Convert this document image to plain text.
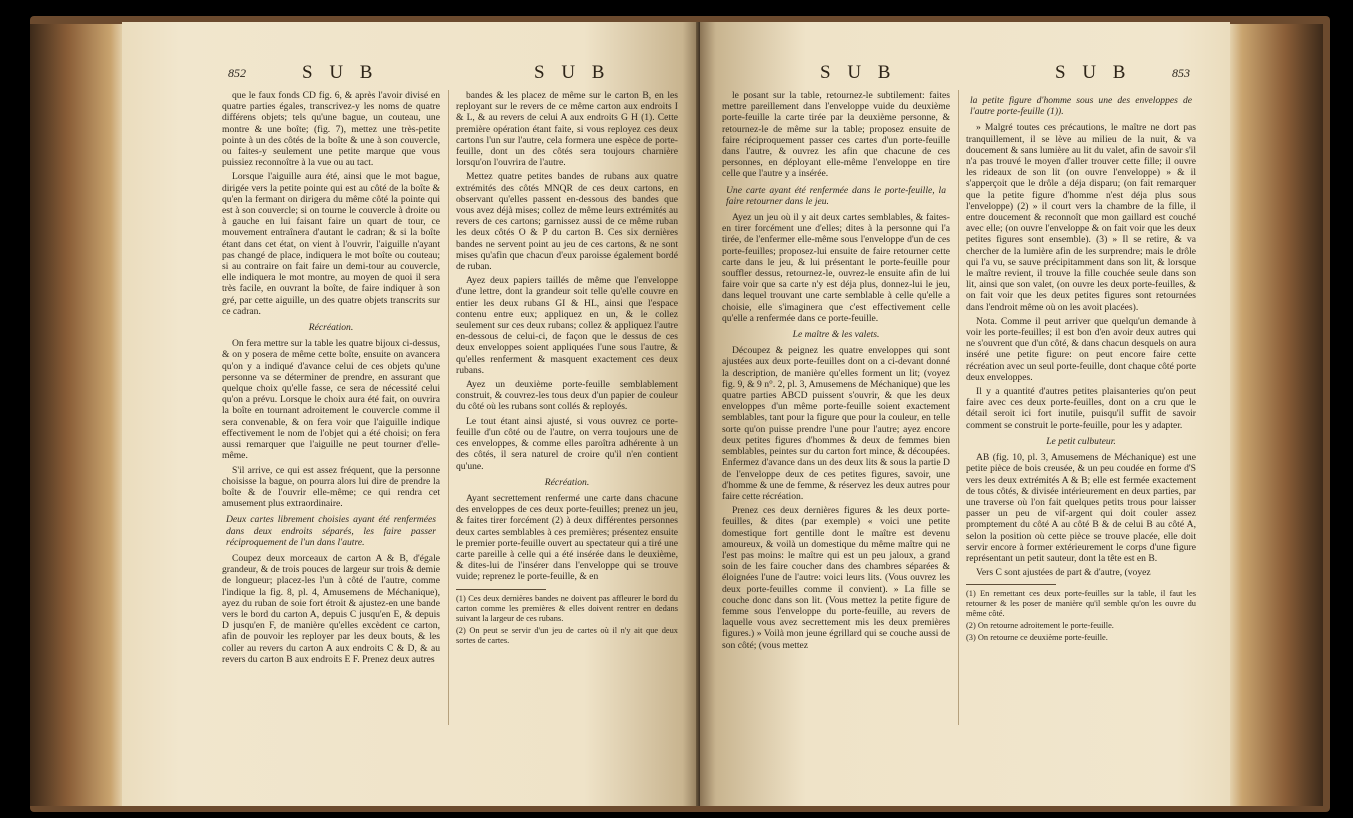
852	S U B	S U B

que le faux fonds CD fig. 6, & après l'avoir divisé en quatre parties égales, transcrivez-y les noms de quatre différens objets; tels qu'une bague, un couteau, une montre & une boîte; (fig. 7), mettez une très-petite pointe à un des côtés de la boîte & une à son couvercle, ou faites-y seulement une petite marque que vous puissiez reconnoître à la vue ou au tact.

Lorsque l'aiguille aura été, ainsi que le mot bague, dirigée vers la petite pointe qui est au côté de la boîte & qu'en la fermant on dirigera du même côté la pointe qui est à son couvercle; si on tourne le couvercle à droite ou à gauche en lui faisant faire un quart de tour, ce mouvement entraînera d'autant le cadran; & si la boîte étant dans cet état, on vient à l'ouvrir, l'aiguille n'ayant pas changé de place, indiquera le mot boîte ou couteau; si au contraire on fait faire un demi-tour au couvercle, elle indiquera le mot montre, au moyen de quoi il sera très facile, en ouvrant la boîte, de faire indiquer à son gré, par cette aiguille, un des quatre objets transcrits sur ce cadran.

Récréation.

On fera mettre sur la table les quatre bijoux ci-dessus, & on y posera de même cette boîte, ensuite on avancera qu'on y a indiqué d'avance celui de ces objets qu'une personne va se déterminer de prendre, en assurant que quelque choix qu'elle fasse, ce sera de nécessité celui qu'on a prévu. Lorsque le choix aura été fait, on ouvrira la boîte en tournant adroitement le couvercle comme il sera convenable, & on fera voir que l'aiguille indique effectivement le nom de l'objet qui a été choisi; on fera aussi remarquer que l'aiguille ne peut tourner d'elle-même.

S'il arrive, ce qui est assez fréquent, que la personne choisisse la bague, on pourra alors lui dire de prendre la boîte & de l'ouvrir elle-même; ce qui rendra cet amusement plus extraordinaire.

Deux cartes librement choisies ayant été renfermées dans deux endroits séparés, les faire passer réciproquement de l'un dans l'autre.

Coupez deux morceaux de carton A & B, d'égale grandeur, & de trois pouces de largeur sur trois & demie de longueur; placez-les l'un à côté de l'autre, comme l'indique la fig. 8, pl. 4, Amusemens de Méchanique), ayez du ruban de soie fort étroit & ajustez-en une bande vers le bord du carton A, depuis C jusqu'en E, & depuis D jusqu'en F, de manière qu'elles excèdent ce carton, afin de pouvoir les reployer par les deux bouts, & les coller au revers du carton A aux endroits C & D, & au revers du carton B aux endroits E F. Prenez deux autres

bandes & les placez de même sur le carton B, en les reployant sur le revers de ce même carton aux endroits I & L, & au revers de celui A aux endroits G H (1). Cette première opération étant faite, si vous reployez ces deux cartons l'un sur l'autre, cela formera une espèce de porte-feuille, dont un des côtés sera toujours charnière lorsqu'on l'ouvrira de l'autre.

Mettez quatre petites bandes de rubans aux quatre extrémités des côtés MNQR de ces deux cartons, en observant qu'elles passent en-dessous des bandes que vous avez déjà mises; collez de même leurs extrémités au revers de ces cartons; garnissez aussi de ce même ruban les deux côtés O & P du carton B. Ces six dernières bandes ne servent point au jeu de ces cartons, & ne sont mises qu'afin que chacun d'eux paroisse également bordé de ruban.

Ayez deux papiers taillés de même que l'enveloppe d'une lettre, dont la grandeur soit telle qu'elle couvre en entier les deux rubans GI & HL, ainsi que l'espace contenu entre eux; appliquez en un, & le collez seulement sur ces deux rubans; collez & appliquez l'autre en-dessous de celui-ci, de façon que le dessus de ces deux enveloppes soient appliquées l'une sous l'autre, & qu'elles renferment & masquent exactement ces deux rubans.

Ayez un deuxième porte-feuille semblablement construit, & couvrez-les tous deux d'un papier de couleur du côté où les rubans sont collés & reployés.

Le tout étant ainsi ajusté, si vous ouvrez ce porte-feuille d'un côté ou de l'autre, on verra toujours une de ces enveloppes, & comme elles paroîtra adhérente à un des côtés, il sera naturel de croire qu'il n'en contient qu'une.

Récréation.

Ayant secrettement renfermé une carte dans chacune des enveloppes de ces deux porte-feuilles; prenez un jeu, & faites tirer forcément (2) à deux différentes personnes deux cartes semblables à ces premières; présentez ensuite le premier porte-feuille ouvert au spectateur qui a tiré une carte pareille à celle qui a été insérée dans le deuxième, & dites-lui de l'insérer dans l'enveloppe qui se trouve vuide; reprenez le porte-feuille, & en

(1) Ces deux dernières bandes ne doivent pas affleurer le bord du carton comme les premières & elles doivent rentrer en dedans suivant la largeur de ces rubans.

(2) On peut se servir d'un jeu de cartes où il n'y ait que deux sortes de cartes.

S U B	S U B	853

le posant sur la table, retournez-le subtilement: faites mettre pareillement dans l'enveloppe vuide du deuxième porte-feuille la carte tirée par la deuxième personne, & retournez-le de même sur la table; proposez ensuite de faire réciproquement passer ces cartes d'un porte-feuille dans l'autre, & ouvrez les afin que chacune de ces personnes, en déployant elle-même l'enveloppe en tire celle que l'autre y a insérée.

Une carte ayant été renfermée dans le porte-feuille, la faire retourner dans le jeu.

Ayez un jeu où il y ait deux cartes semblables, & faites-en tirer forcément une d'elles; dites à la personne qui l'a tirée, de l'enfermer elle-même sous l'enveloppe d'un de ces porte-feuilles; proposez-lui ensuite de faire retourner cette carte dans le jeu, & lui présentant le porte-feuille pour souffler dessus, retournez-le, ouvrez-le ensuite afin de lui faire voir que sa carte n'y est déja plus, donnez-lui le jeu, dans lequel trouvant une carte semblable à celle qu'elle a choisie, elle s'imaginera que c'est effectivement celle qu'elle a renfermée dans ce porte-feuille.

Le maître & les valets.

Découpez & peignez les quatre enveloppes qui sont ajustées aux deux porte-feuilles dont on a ci-devant donné la description, de manière qu'elles forment un lit; (voyez fig. 9, & 9 n°. 2, pl. 3, Amusemens de Méchanique) que les quatre parties ABCD puissent s'ouvrir, & que les deux enveloppes d'un même porte-feuille soient exactement semblables, tant pour la figure que pour la couleur, en telle sorte qu'on puisse prendre l'une pour l'autre; ayez encore deux petites figures d'hommes & deux de femmes bien semblables, peintes sur du carton fort mince, & découpées. Enfermez d'avance dans un des deux lits & sous la partie D de l'enveloppe deux de ces petites figures, savoir, une d'homme & une de femme, & réservez les deux autres pour faire cette récréation.

Prenez ces deux dernières figures & les deux porte-feuilles, & dites (par exemple) « voici une petite domestique fort gentille dont le maître est devenu amoureux, & voilà un domestique du même maître qui ne l'est pas moins: le maître qui est un peu jaloux, a grand soin de les faire coucher dans des chambres séparées & éloignées l'une de l'autre: voici leurs lits. (Vous ouvrez les deux porte-feuilles comme il convient). » La fille se couche donc dans son lit. (Vous mettez la petite figure de femme sous l'enveloppe du porte-feuille, au revers de laquelle vous avez secrettement mis les deux premières figures.) » Voilà mon jeune égrillard qui se couche aussi de son côté; (vous mettez

la petite figure d'homme sous une des enveloppes de l'autre porte-feuille (1)).

» Malgré toutes ces précautions, le maître ne dort pas tranquillement, il se lève au milieu de la nuit, & va doucement & sans lumière au lit du valet, afin de savoir s'il n'a pas trouvé le moyen d'aller trouver cette fille; il ouvre les rideaux de son lit (on ouvre l'enveloppe) » & il s'apperçoit que le drôle a déja disparu; (on fait remarquer que la petite figure d'homme n'est déja plus sous l'enveloppe) (2) » il court vers la chambre de la fille, il entre doucement & reconnoît que mon gaillard est couché avec elle; (on ouvre l'enveloppe & on fait voir que les deux petites figures sont ensemble). (3) » Il se retire, & va chercher de la lumière afin de les surprendre; mais le drôle qui l'a vu, se sauve précipitamment dans son lit, & lorsque le maître revient, il trouve la fille couchée seule dans son lit, ainsi que son valet, (on ouvre les deux porte-feuilles, & on fait voir que les deux petites figures sont retournées dans l'endroit même où on les avoit placées).

Nota. Comme il peut arriver que quelqu'un demande à voir les porte-feuilles; il est bon d'en avoir deux autres qui ne s'ouvrent que d'un côté, & dans chacun desquels on aura inséré une petite figure: on peut encore faire cette récréation avec un seul porte-feuille, dont chaque côté porte deux enveloppes.

Il y a quantité d'autres petites plaisanteries qu'on peut faire avec ces deux porte-feuilles, dont on a cru que le détail seroit ici fort inutile, puisqu'il suffit de savoir comment se construit le porte-feuille, pour les y adapter.

Le petit culbuteur.

AB (fig. 10, pl. 3, Amusemens de Méchanique) est une petite pièce de bois creusée, & un peu coudée en forme d'S vers les deux extrémités A & B; elle est fermée exactement de tous côtés, & divisée intérieurement en deux parties, par une traverse où l'on fait quelques petits trous pour laisser passer un peu de vif-argent qui doit couler assez promptement du côté A au côté B & de celui B au côté A, selon la position où cette pièce se trouve placée, elle doit servir encore à former extérieurement le corps d'une figure représentant un petit sauteur, dont la tête est en B.

Vers C sont ajustées de part & d'autre, (voyez

(1) En remettant ces deux porte-feuilles sur la table, il faut les retourner & les poser de manière qu'il semble qu'on les ouvre du même côté.

(2) On retourne adroitement le porte-feuille.

(3) On retourne ce deuxième porte-feuille.
